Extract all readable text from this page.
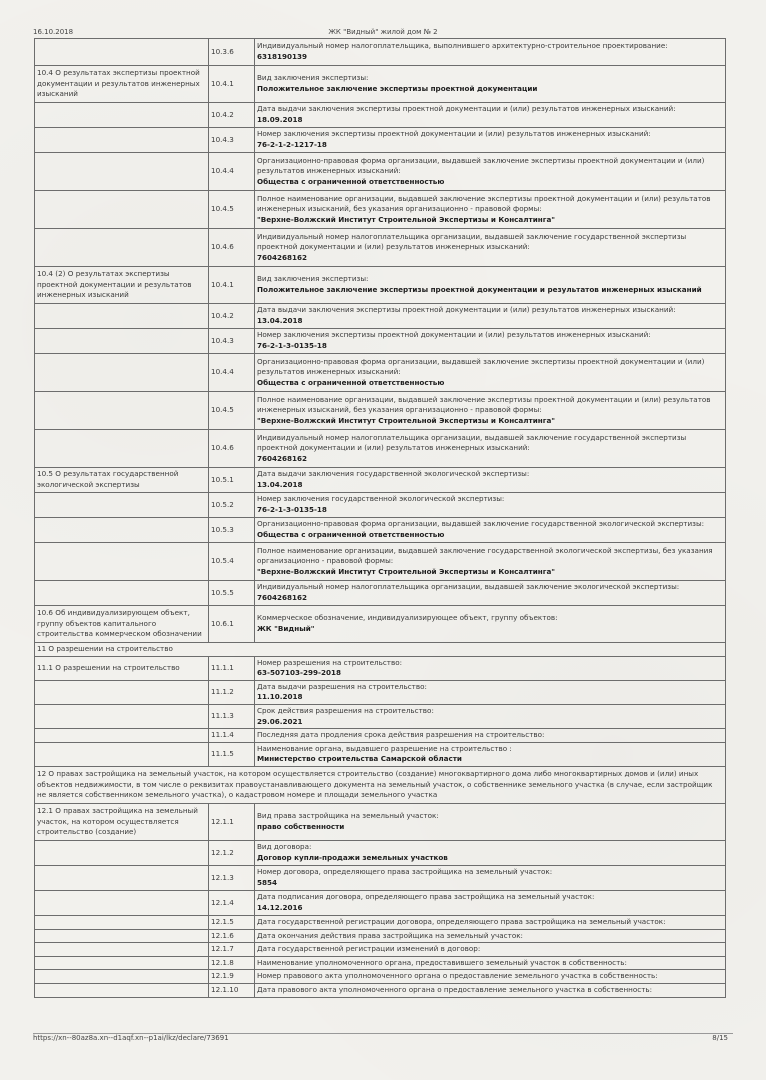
16.10.2018	ЖК "Видный" жилой дом № 2
	10.3.6	Индивидуальный номер налогоплательщика, выполнившего архитектурно-строительное проектирование:
6318190139

10.4 О результатах экспертизы проектной документации и результатов инженерных изысканий	10.4.1	Вид заключения экспертизы:
Положительное заключение экспертизы проектной документации

	10.4.2	Дата выдачи заключения экспертизы проектной документации и (или) результатов инженерных изысканий:
18.09.2018

	10.4.3	Номер заключения экспертизы проектной документации и (или) результатов инженерных изысканий:
76-2-1-2-1217-18

	10.4.4	Организационно-правовая форма организации, выдавшей заключение экспертизы проектной документации и (или) результатов инженерных изысканий:
Общества с ограниченной ответственностью

	10.4.5	Полное наименование организации, выдавшей заключение экспертизы проектной документации и (или) результатов инженерных изысканий, без указания организационно - правовой формы:
"Верхне-Волжский Институт Строительной Экспертизы и Консалтинга"

	10.4.6	Индивидуальный номер налогоплательщика организации, выдавшей заключение государственной экспертизы проектной документации и (или) результатов инженерных изысканий:
7604268162

10.4 (2) О результатах экспертизы проектной документации и результатов инженерных изысканий	10.4.1	Вид заключения экспертизы:
Положительное заключение экспертизы проектной документации и результатов инженерных изысканий

	10.4.2	Дата выдачи заключения экспертизы проектной документации и (или) результатов инженерных изысканий:
13.04.2018

	10.4.3	Номер заключения экспертизы проектной документации и (или) результатов инженерных изысканий:
76-2-1-3-0135-18

	10.4.4	Организационно-правовая форма организации, выдавшей заключение экспертизы проектной документации и (или) результатов инженерных изысканий:
Общества с ограниченной ответственностью

	10.4.5	Полное наименование организации, выдавшей заключение экспертизы проектной документации и (или) результатов инженерных изысканий, без указания организационно - правовой формы:
"Верхне-Волжский Институт Строительной Экспертизы и Консалтинга"

	10.4.6	Индивидуальный номер налогоплательщика организации, выдавшей заключение государственной экспертизы проектной документации и (или) результатов инженерных изысканий:
7604268162

10.5 О результатах государственной экологической экспертизы	10.5.1	Дата выдачи заключения государственной экологической экспертизы:
13.04.2018

	10.5.2	Номер заключения государственной экологической экспертизы:
76-2-1-3-0135-18

	10.5.3	Организационно-правовая форма организации, выдавшей заключение государственной экологической экспертизы:
Общества с ограниченной ответственностью

	10.5.4	Полное наименование организации, выдавшей заключение государственной экологической экспертизы, без указания организационно - правовой формы:
"Верхне-Волжский Институт Строительной Экспертизы и Консалтинга"

	10.5.5	Индивидуальный номер налогоплательщика организации, выдавшей заключение экологической экспертизы:
7604268162

10.6 Об индивидуализирующем объект, группу объектов капитального строительства коммерческом обозначении	10.6.1	Коммерческое обозначение, индивидуализирующее объект, группу объектов:
ЖК "Видный"

11 О разрешении на строительство		
11.1 О разрешении на строительство	11.1.1	Номер разрешения на строительство:
63-507103-299-2018

	11.1.2	Дата выдачи разрешения на строительство:
11.10.2018

	11.1.3	Срок действия разрешения на строительство:
29.06.2021

	11.1.4	Последняя дата продления срока действия разрешения на строительство:

	11.1.5	Наименование органа, выдавшего разрешение на строительство :
Министерство строительства Самарской области

12 О правах застройщика на земельный участок, на котором осуществляется строительство (создание) многоквартирного дома либо многоквартирных домов и (или) иных объектов недвижимости, в том числе о реквизитах правоустанавливающего документа на земельный участок, о собственнике земельного участка (в случае, если застройщик не является собственником земельного участка), о кадастровом номере и площади земельного участка		
12.1 О правах застройщика на земельный участок, на котором осуществляется строительство (создание)	12.1.1	Вид права застройщика на земельный участок:
право собственности

	12.1.2	Вид договора:
Договор купли-продажи земельных участков

	12.1.3	Номер договора, определяющего права застройщика на земельный участок:
5854

	12.1.4	Дата подписания договора, определяющего права застройщика на земельный участок:
14.12.2016

	12.1.5	Дата государственной регистрации договора, определяющего права застройщика на земельный участок:

	12.1.6	Дата окончания действия права застройщика на земельный участок:

	12.1.7	Дата государственной регистрации изменений в договор:

	12.1.8	Наименование уполномоченного органа, предоставившего земельный участок в собственность:

	12.1.9	Номер правового акта уполномоченного органа о предоставление земельного участка в собственность:

	12.1.10	Дата правового акта уполномоченного органа о предоставление земельного участка в собственность:
https://xn--80az8a.xn--d1aqf.xn--p1ai/lkz/declare/73691	8/15
